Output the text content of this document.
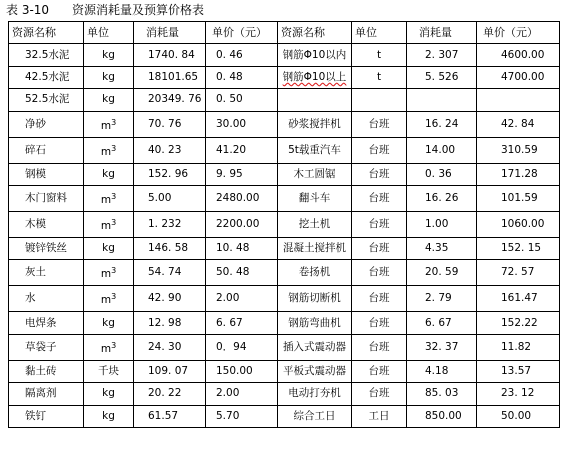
表 3-10 资源消耗量及预算价格表
资源名称	单位	消耗量	单价（元）	资源名称	单位	消耗量	单价（元）
32.5水泥	kg	1740. 84	0. 46	钢筋Φ10以内	t	2. 307	4600.00
42.5水泥	kg	18101.65	0. 48	钢筋Φ10以上	t	5. 526	4700.00
52.5水泥	kg	20349. 76	0. 50				
净砂	$m^3$	70. 76	30.00	砂浆搅拌机	台班	16. 24	42. 84
碎石	$m^3$	40. 23	41.20	5t载重汽车	台班	14.00	310.59
钢模	kg	152. 96	9. 95	木工圆锯	台班	0. 36	171.28
木门窗料	$m^3$	5.00	2480.00	翻斗车	台班	16. 26	101.59
木模	$m^3$	1. 232	2200.00	挖土机	台班	1.00	1060.00
镀锌铁丝	kg	146. 58	10. 48	混凝土搅拌机	台班	4.35	152. 15
灰土	$m^3$	54. 74	50. 48	卷扬机	台班	20. 59	72. 57
水	$m^3$	42. 90	2.00	钢筋切断机	台班	2. 79	161.47
电焊条	kg	12. 98	6. 67	钢筋弯曲机	台班	6. 67	152.22
草袋子	$m^3$	24. 30	0．94	插入式震动器	台班	32. 37	11.82
黏土砖	千块	109. 07	150.00	平板式震动器	台班	4.18	13.57
隔离剂	kg	20. 22	2.00	电动打夯机	台班	85. 03	23. 12
铁钉	kg	61.57	5.70	综合工日	工日	850.00	50.00
